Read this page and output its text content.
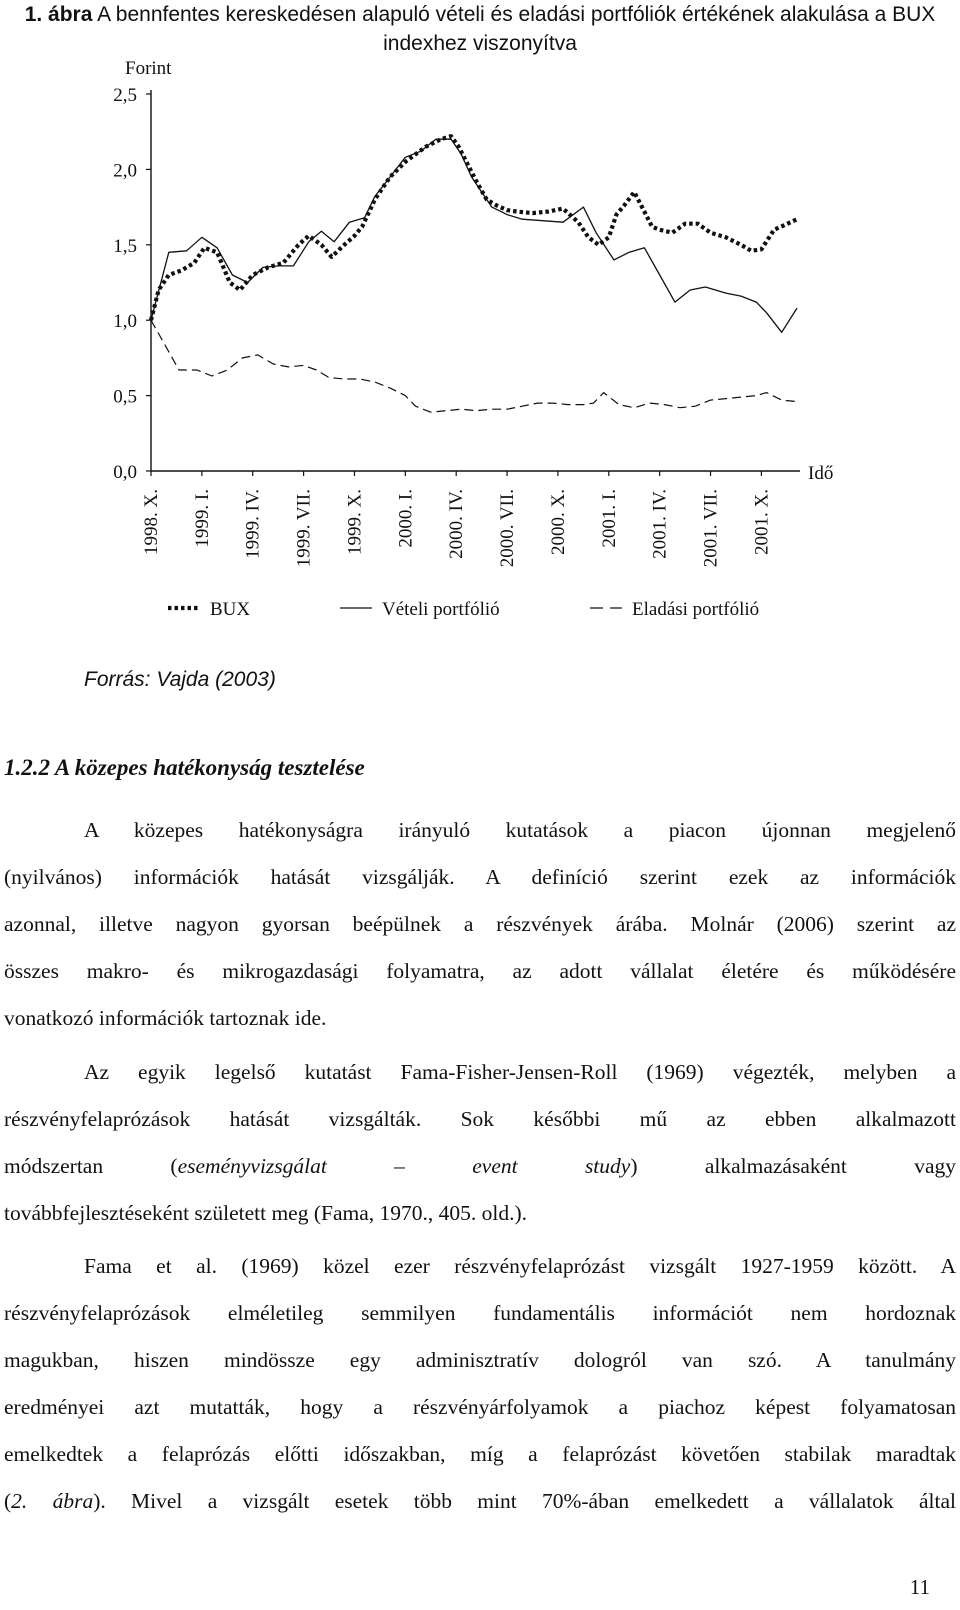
1. ábra A bennfentes kereskedésen alapuló vételi és eladási portfóliók értékének alakulása a BUX indexhez viszonyítva
Forint
Idő
0,0
0,5
1,0
1,5
2,0
2,5
1998. X. 1999. I. 1999. IV. 1999. VII. 1999. X. 2000. I. 2000. IV. 2000. VII. 2000. X. 2001. I. 2001. IV. 2001. VII. 2001. X.
BUX	Vételi portfólió	Eladási portfólió
Forrás: Vajda (2003)
1.2.2 A közepes hatékonyság tesztelése
A közepes hatékonyságra irányuló kutatások a piacon újonnan megjelenő
(nyilvános) információk hatását vizsgálják. A definíció szerint ezek az információk
azonnal, illetve nagyon gyorsan beépülnek a részvények árába. Molnár (2006) szerint az
összes makro- és mikrogazdasági folyamatra, az adott vállalat életére és működésére
vonatkozó információk tartoznak ide.
Az egyik legelső kutatást Fama-Fisher-Jensen-Roll (1969) végezték, melyben a
részvényfelaprózások hatását vizsgálták. Sok későbbi mű az ebben alkalmazott
módszertan (eseményvizsgálat – event study) alkalmazásaként vagy
továbbfejlesztéseként született meg (Fama, 1970., 405. old.).
Fama et al. (1969) közel ezer részvényfelaprózást vizsgált 1927-1959 között. A
részvényfelaprózások elméletileg semmilyen fundamentális információt nem hordoznak
magukban, hiszen mindössze egy adminisztratív dologról van szó. A tanulmány
eredményei azt mutatták, hogy a részvényárfolyamok a piachoz képest folyamatosan
emelkedtek a felaprózás előtti időszakban, míg a felaprózást követően stabilak maradtak
(2. ábra). Mivel a vizsgált esetek több mint 70%-ában emelkedett a vállalatok által
11
